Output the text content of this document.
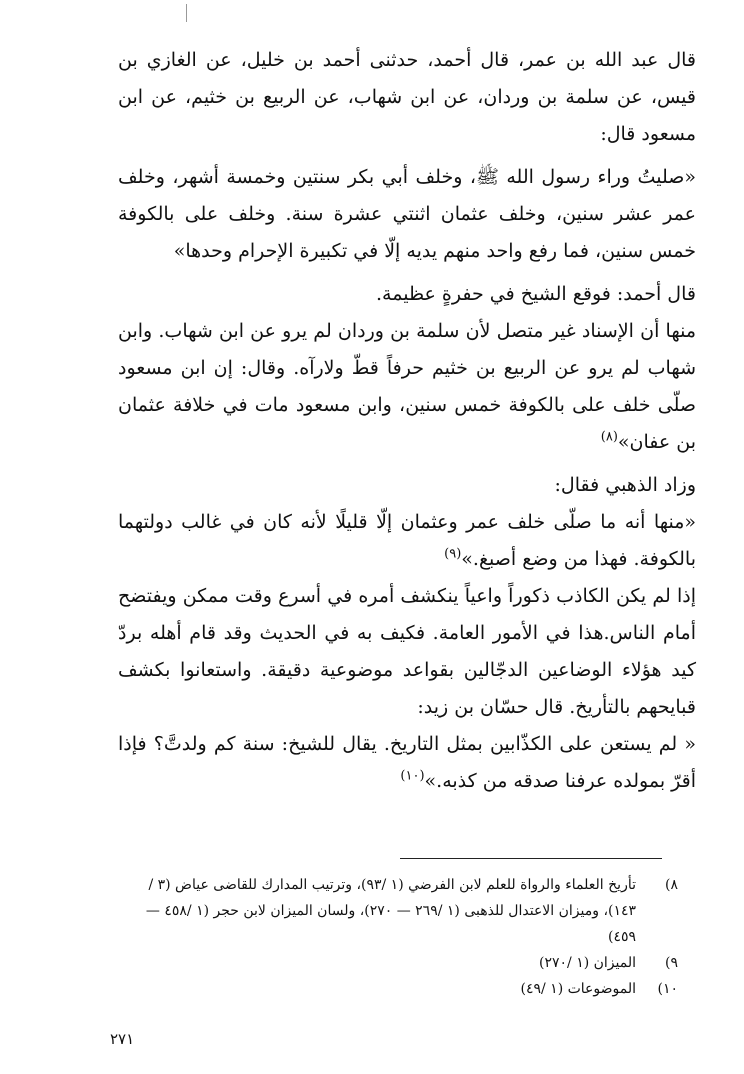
قال عبد الله بن عمر، قال أحمد، حدثنى أحمد بن خليل، عن الغازي بن قيس، عن سلمة بن وردان، عن ابن شهاب، عن الربيع بن خثيم، عن ابن مسعود قال:

«صليتُ وراء رسول الله ﷺ، وخلف أبي بكر سنتين وخمسة أشهر، وخلف عمر عشر سنين، وخلف عثمان اثنتي عشرة سنة. وخلف على بالكوفة خمس سنين، فما رفع واحد منهم يديه إلّا في تكبيرة الإحرام وحدها»

قال أحمد: فوقع الشيخ في حفرةٍ عظيمة.

منها أن الإسناد غير متصل لأن سلمة بن وردان لم يرو عن ابن شهاب. وابن شهاب لم يرو عن الربيع بن خثيم حرفاً قطّ ولارآه. وقال: إن ابن مسعود صلّى خلف على بالكوفة خمس سنين، وابن مسعود مات في خلافة عثمان بن عفان»$^{(٨)}$

وزاد الذهبي فقال:

«منها أنه ما صلّى خلف عمر وعثمان إلّا قليلًا لأنه كان في غالب دولتهما بالكوفة. فهذا من وضع أصبغ.»$^{(٩)}$

إذا لم يكن الكاذب ذكوراً واعياً ينكشف أمره في أسرع وقت ممكن ويفتضح أمام الناس.هذا في الأمور العامة. فكيف به في الحديث وقد قام أهله بردّ كيد هؤلاء الوضاعين الدجّالين بقواعد موضوعية دقيقة. واستعانوا بكشف قبايحهم بالتأريخ. قال حسّان بن زيد:

« لم يستعن على الكذّابين بمثل التاريخ. يقال للشيخ: سنة كم ولدتَّ؟ فإذا أقرّ بمولده عرفنا صدقه من كذبه.»$^{(١٠)}$

٨)
تأريخ العلماء والرواة للعلم لابن الفرضي (١ /٩٣)، وترتيب المدارك للقاضى عياض (٣ /١٤٣)، وميزان الاعتدال للذهبى (١ /٢٦٩ — ٢٧٠)، ولسان الميزان لابن حجر (١ /٤٥٨ — ٤٥٩)
٩)
الميزان (١ /٢٧٠)
١٠)
الموضوعات (١ /٤٩)
٢٧١
